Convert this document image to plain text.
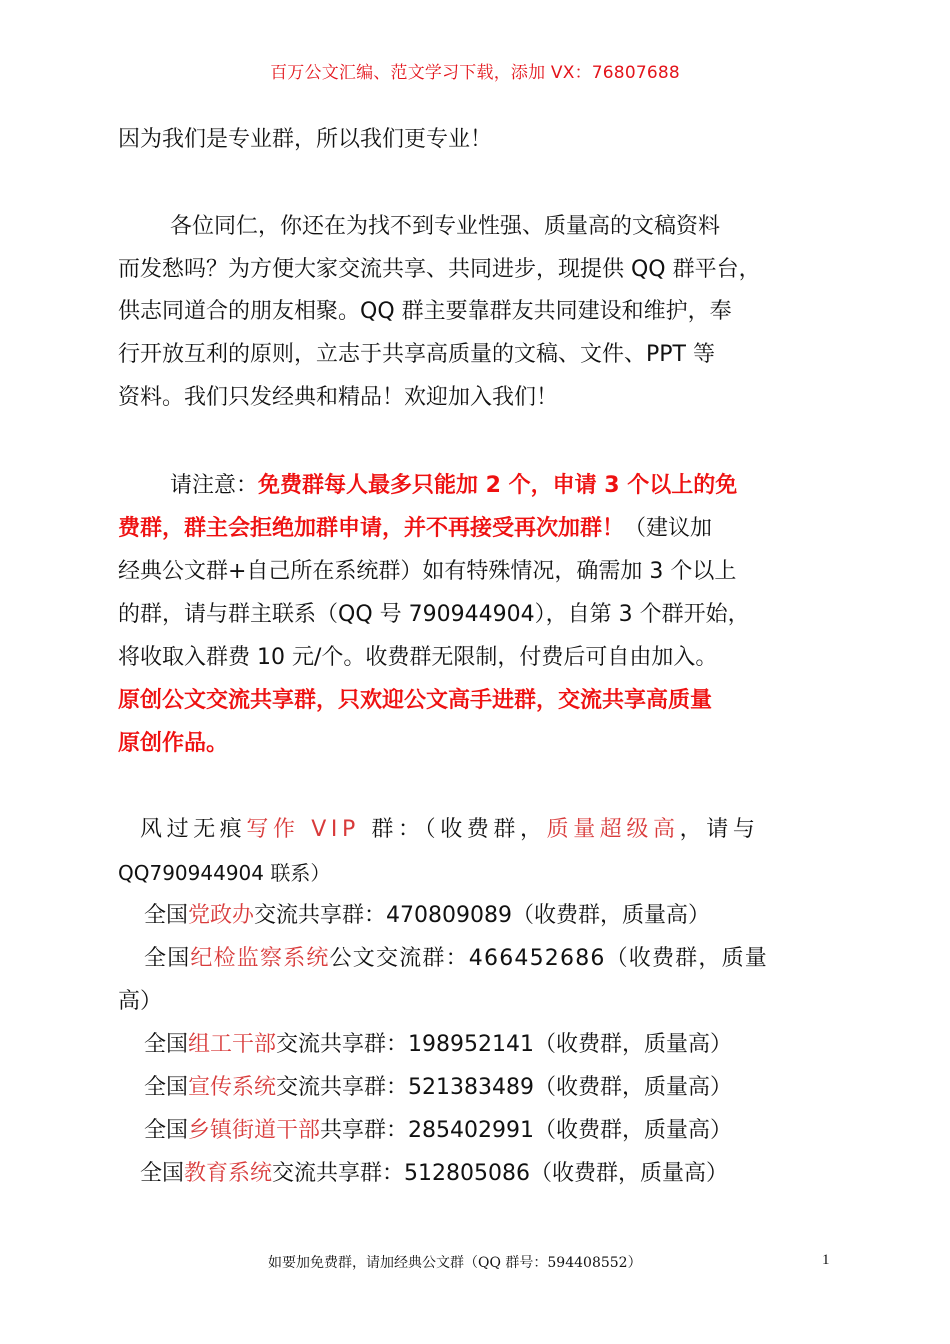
百万公文汇编、范文学习下载，添加 VX：76807688
因为我们是专业群，所以我们更专业！
各位同仁，你还在为找不到专业性强、质量高的文稿资料
而发愁吗？为方便大家交流共享、共同进步，现提供 QQ 群平台，
供志同道合的朋友相聚。QQ 群主要靠群友共同建设和维护，奉
行开放互利的原则，立志于共享高质量的文稿、文件、PPT 等
资料。我们只发经典和精品！欢迎加入我们！
请注意：免费群每人最多只能加 2 个，申请 3 个以上的免
费群，群主会拒绝加群申请，并不再接受再次加群！（建议加
经典公文群+自己所在系统群）如有特殊情况，确需加 3 个以上
的群，请与群主联系（QQ 号 790944904），自第 3 个群开始，
将收取入群费 10 元/个。收费群无限制，付费后可自由加入。
原创公文交流共享群，只欢迎公文高手进群，交流共享高质量
原创作品。
风过无痕写作 VIP 群：（收费群，质量超级高，请与
QQ790944904 联系）
全国党政办交流共享群：470809089（收费群，质量高）
全国纪检监察系统公文交流群：466452686（收费群，质量
高）
全国组工干部交流共享群：198952141（收费群，质量高）
全国宣传系统交流共享群：521383489（收费群，质量高）
全国乡镇街道干部共享群：285402991（收费群，质量高）
全国教育系统交流共享群：512805086（收费群，质量高）
如要加免费群，请加经典公文群（QQ 群号：594408552）	1
